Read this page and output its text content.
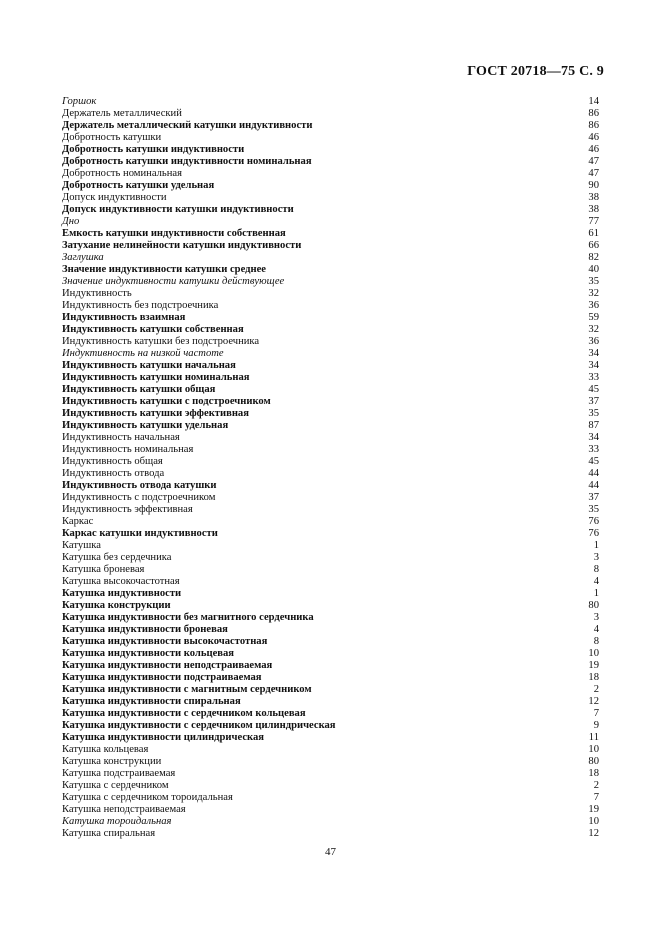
ГОСТ 20718—75 С. 9
Горшок	14
Держатель металлический	86
Держатель металлический катушки индуктивности	86
Добротность катушки	46
Добротность катушки индуктивности	46
Добротность катушки индуктивности номинальная	47
Добротность номинальная	47
Добротность катушки удельная	90
Допуск индуктивности	38
Допуск индуктивности катушки индуктивности	38
Дно	77
Емкость катушки индуктивности собственная	61
Затухание нелинейности катушки индуктивности	66
Заглушка	82
Значение индуктивности катушки среднее	40
Значение индуктивности катушки действующее	35
Индуктивность	32
Индуктивность без подстроечника	36
Индуктивность взаимная	59
Индуктивность катушки собственная	32
Индуктивность катушки без подстроечника	36
Индуктивность на низкой частоте	34
Индуктивность катушки начальная	34
Индуктивность катушки номинальная	33
Индуктивность катушки общая	45
Индуктивность катушки с подстроечником	37
Индуктивность катушки эффективная	35
Индуктивность катушки удельная	87
Индуктивность начальная	34
Индуктивность номинальная	33
Индуктивность общая	45
Индуктивность отвода	44
Индуктивность отвода катушки	44
Индуктивность с подстроечником	37
Индуктивность эффективная	35
Каркас	76
Каркас катушки индуктивности	76
Катушка	1
Катушка без сердечника	3
Катушка броневая	8
Катушка высокочастотная	4
Катушка индуктивности	1
Катушка конструкции	80
Катушка индуктивности без магнитного сердечника	3
Катушка индуктивности броневая	4
Катушка индуктивности высокочастотная	8
Катушка индуктивности кольцевая	10
Катушка индуктивности неподстраиваемая	19
Катушка индуктивности подстраиваемая	18
Катушка индуктивности с магнитным сердечником	2
Катушка индуктивности спиральная	12
Катушка индуктивности с сердечником кольцевая	7
Катушка индуктивности с сердечником цилиндрическая	9
Катушка индуктивности цилиндрическая	11
Катушка кольцевая	10
Катушка конструкции	80
Катушка подстраиваемая	18
Катушка с сердечником	2
Катушка с сердечником тороидальная	7
Катушка неподстраиваемая	19
Катушка тороидальная	10
Катушка спиральная	12
47
